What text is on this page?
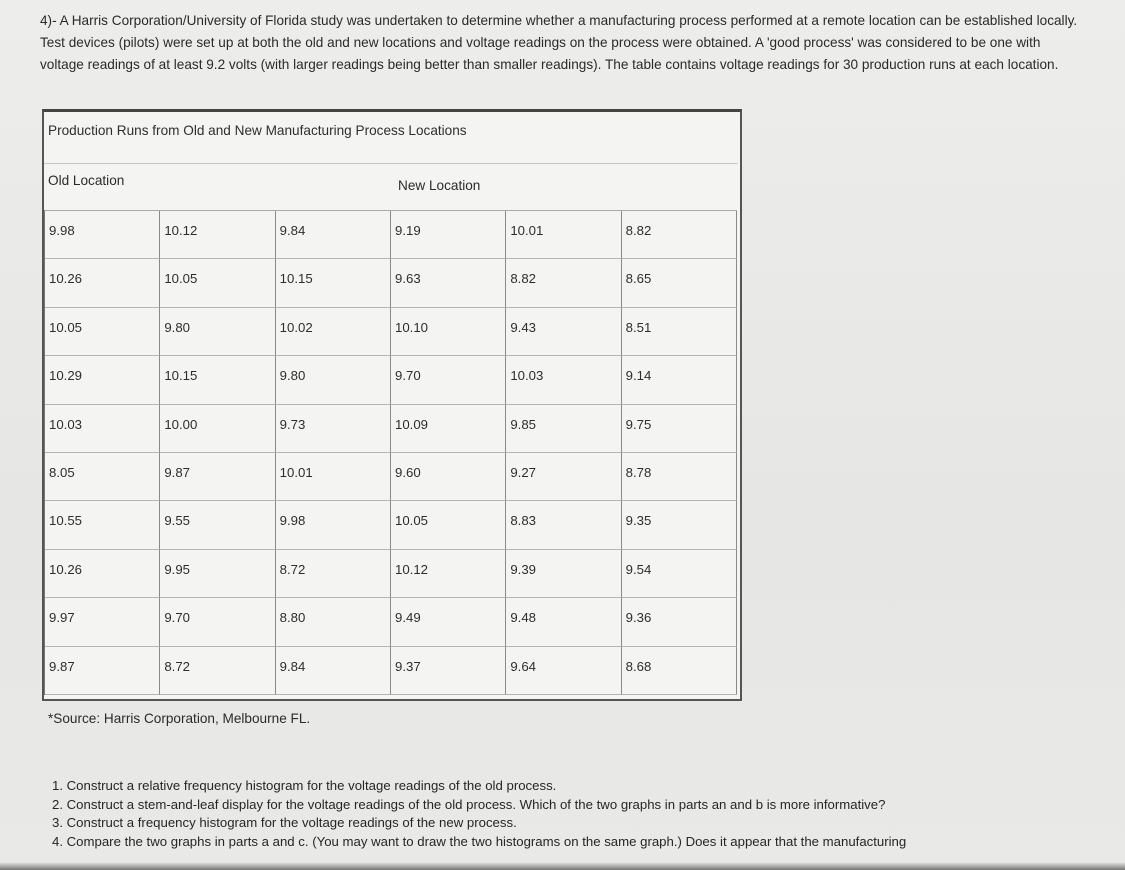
4)- A Harris Corporation/University of Florida study was undertaken to determine whether a manufacturing process performed at a remote location can be established locally. Test devices (pilots) were set up at both the old and new locations and voltage readings on the process were obtained. A 'good process' was considered to be one with voltage readings of at least 9.2 volts (with larger readings being better than smaller readings). The table contains voltage readings for 30 production runs at each location.
Production Runs from Old and New Manufacturing Process Locations
Old Location	New Location
9.98	10.12	9.84	9.19	10.01	8.82
10.26	10.05	10.15	9.63	8.82	8.65
10.05	9.80	10.02	10.10	9.43	8.51
10.29	10.15	9.80	9.70	10.03	9.14
10.03	10.00	9.73	10.09	9.85	9.75
8.05	9.87	10.01	9.60	9.27	8.78
10.55	9.55	9.98	10.05	8.83	9.35
10.26	9.95	8.72	10.12	9.39	9.54
9.97	9.70	8.80	9.49	9.48	9.36
9.87	8.72	9.84	9.37	9.64	8.68
*Source: Harris Corporation, Melbourne FL.
1. Construct a relative frequency histogram for the voltage readings of the old process.
2. Construct a stem-and-leaf display for the voltage readings of the old process. Which of the two graphs in parts an and b is more informative?
3. Construct a frequency histogram for the voltage readings of the new process.
4. Compare the two graphs in parts a and c. (You may want to draw the two histograms on the same graph.) Does it appear that the manufacturing
